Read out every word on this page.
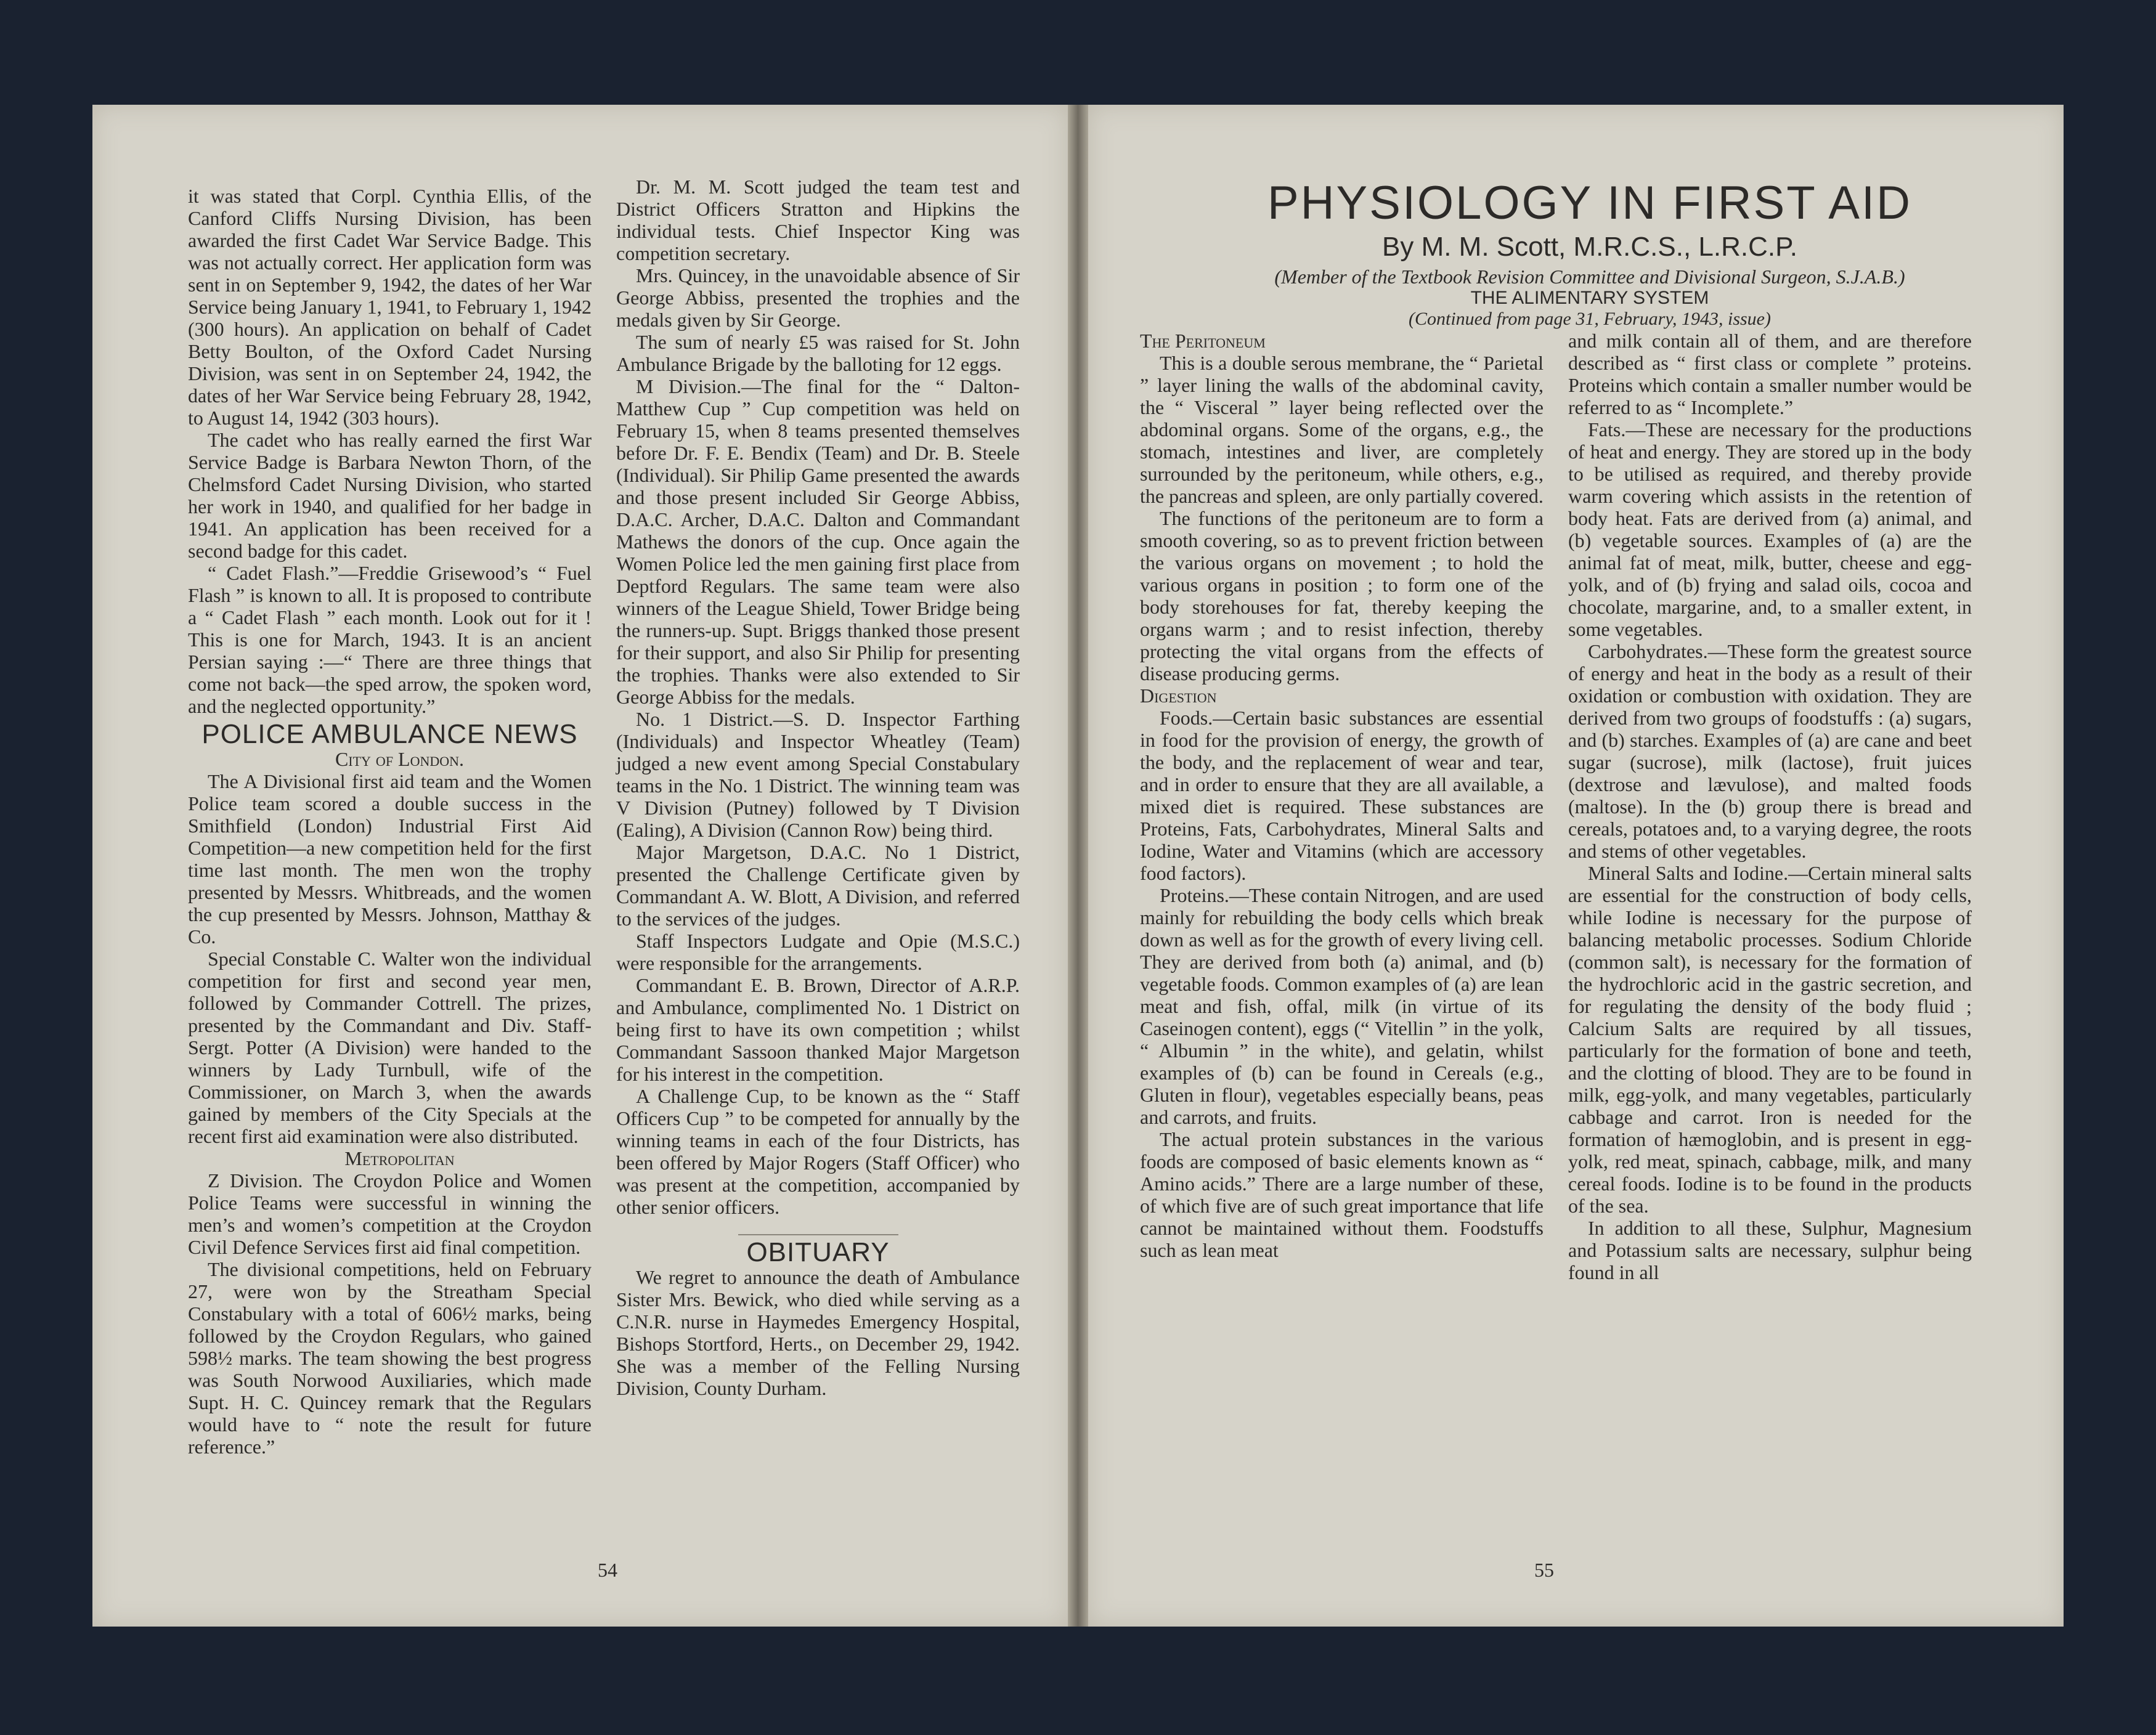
it was stated that Corpl. Cynthia Ellis, of the Canford Cliffs Nursing Division, has been awarded the first Cadet War Service Badge. This was not actually correct. Her application form was sent in on September 9, 1942, the dates of her War Service being January 1, 1941, to February 1, 1942 (300 hours). An application on behalf of Cadet Betty Boulton, of the Oxford Cadet Nursing Division, was sent in on September 24, 1942, the dates of her War Service being February 28, 1942, to August 14, 1942 (303 hours).

The cadet who has really earned the first War Service Badge is Barbara Newton Thorn, of the Chelmsford Cadet Nursing Division, who started her work in 1940, and qualified for her badge in 1941. An application has been received for a second badge for this cadet.

“ Cadet Flash.”—Freddie Grisewood’s “ Fuel Flash ” is known to all. It is proposed to contribute a “ Cadet Flash ” each month. Look out for it ! This is one for March, 1943. It is an ancient Persian saying :—“ There are three things that come not back—the sped arrow, the spoken word, and the neglected opportunity.”

POLICE AMBULANCE NEWS

City of London.

The A Divisional first aid team and the Women Police team scored a double success in the Smithfield (London) Industrial First Aid Competition—a new competition held for the first time last month. The men won the trophy presented by Messrs. Whitbreads, and the women the cup presented by Messrs. Johnson, Matthay & Co.

Special Constable C. Walter won the individual competition for first and second year men, followed by Commander Cottrell. The prizes, presented by the Commandant and Div. Staff-Sergt. Potter (A Division) were handed to the winners by Lady Turnbull, wife of the Commissioner, on March 3, when the awards gained by members of the City Specials at the recent first aid examination were also distributed.

Metropolitan

Z Division. The Croydon Police and Women Police Teams were successful in winning the men’s and women’s competition at the Croydon Civil Defence Services first aid final competition.

The divisional competitions, held on February 27, were won by the Streatham Special Constabulary with a total of 606½ marks, being followed by the Croydon Regulars, who gained 598½ marks. The team showing the best progress was South Norwood Auxiliaries, which made Supt. H. C. Quincey remark that the Regulars would have to “ note the result for future reference.”

Dr. M. M. Scott judged the team test and District Officers Stratton and Hipkins the individual tests. Chief Inspector King was competition secretary.

Mrs. Quincey, in the unavoidable absence of Sir George Abbiss, presented the trophies and the medals given by Sir George.

The sum of nearly £5 was raised for St. John Ambulance Brigade by the balloting for 12 eggs.

M Division.—The final for the “ Dalton-Matthew Cup ” Cup competition was held on February 15, when 8 teams presented themselves before Dr. F. E. Bendix (Team) and Dr. B. Steele (Individual). Sir Philip Game presented the awards and those present included Sir George Abbiss, D.A.C. Archer, D.A.C. Dalton and Commandant Mathews the donors of the cup. Once again the Women Police led the men gaining first place from Deptford Regulars. The same team were also winners of the League Shield, Tower Bridge being the runners-up. Supt. Briggs thanked those present for their support, and also Sir Philip for presenting the trophies. Thanks were also extended to Sir George Abbiss for the medals.

No. 1 District.—S. D. Inspector Farthing (Individuals) and Inspector Wheatley (Team) judged a new event among Special Constabulary teams in the No. 1 District. The winning team was V Division (Putney) followed by T Division (Ealing), A Division (Cannon Row) being third.

Major Margetson, D.A.C. No 1 District, presented the Challenge Certificate given by Commandant A. W. Blott, A Division, and referred to the services of the judges.

Staff Inspectors Ludgate and Opie (M.S.C.) were responsible for the arrangements.

Commandant E. B. Brown, Director of A.R.P. and Ambulance, complimented No. 1 District on being first to have its own competition ; whilst Commandant Sassoon thanked Major Margetson for his interest in the competition.

A Challenge Cup, to be known as the “ Staff Officers Cup ” to be competed for annually by the winning teams in each of the four Districts, has been offered by Major Rogers (Staff Officer) who was present at the competition, accompanied by other senior officers.

OBITUARY

We regret to announce the death of Ambulance Sister Mrs. Bewick, who died while serving as a C.N.R. nurse in Haymedes Emergency Hospital, Bishops Stortford, Herts., on December 29, 1942. She was a member of the Felling Nursing Division, County Durham.

54

PHYSIOLOGY IN FIRST AID

By M. M. Scott, M.R.C.S., L.R.C.P.

(Member of the Textbook Revision Committee and Divisional Surgeon, S.J.A.B.)

THE ALIMENTARY SYSTEM

(Continued from page 31, February, 1943, issue)

The Peritoneum

This is a double serous membrane, the “ Parietal ” layer lining the walls of the abdominal cavity, the “ Visceral ” layer being reflected over the abdominal organs. Some of the organs, e.g., the stomach, intestines and liver, are completely surrounded by the peritoneum, while others, e.g., the pancreas and spleen, are only partially covered.

The functions of the peritoneum are to form a smooth covering, so as to prevent friction between the various organs on movement ; to hold the various organs in position ; to form one of the body storehouses for fat, thereby keeping the organs warm ; and to resist infection, thereby protecting the vital organs from the effects of disease producing germs.

Digestion

Foods.—Certain basic substances are essential in food for the provision of energy, the growth of the body, and the replacement of wear and tear, and in order to ensure that they are all available, a mixed diet is required. These substances are Proteins, Fats, Carbohydrates, Mineral Salts and Iodine, Water and Vitamins (which are accessory food factors).

Proteins.—These contain Nitrogen, and are used mainly for rebuilding the body cells which break down as well as for the growth of every living cell. They are derived from both (a) animal, and (b) vegetable foods. Common examples of (a) are lean meat and fish, offal, milk (in virtue of its Caseinogen content), eggs (“ Vitellin ” in the yolk, “ Albumin ” in the white), and gelatin, whilst examples of (b) can be found in Cereals (e.g., Gluten in flour), vegetables especially beans, peas and carrots, and fruits.

The actual protein substances in the various foods are composed of basic elements known as “ Amino acids.” There are a large number of these, of which five are of such great importance that life cannot be maintained without them. Foodstuffs such as lean meat

and milk contain all of them, and are therefore described as “ first class or complete ” proteins. Proteins which contain a smaller number would be referred to as “ Incomplete.”

Fats.—These are necessary for the productions of heat and energy. They are stored up in the body to be utilised as required, and thereby provide warm covering which assists in the retention of body heat. Fats are derived from (a) animal, and (b) vegetable sources. Examples of (a) are the animal fat of meat, milk, butter, cheese and egg-yolk, and of (b) frying and salad oils, cocoa and chocolate, margarine, and, to a smaller extent, in some vegetables.

Carbohydrates.—These form the greatest source of energy and heat in the body as a result of their oxidation or combustion with oxidation. They are derived from two groups of foodstuffs : (a) sugars, and (b) starches. Examples of (a) are cane and beet sugar (sucrose), milk (lactose), fruit juices (dextrose and lævulose), and malted foods (maltose). In the (b) group there is bread and cereals, potatoes and, to a varying degree, the roots and stems of other vegetables.

Mineral Salts and Iodine.—Certain mineral salts are essential for the construction of body cells, while Iodine is necessary for the purpose of balancing metabolic processes. Sodium Chloride (common salt), is necessary for the formation of the hydrochloric acid in the gastric secretion, and for regulating the density of the body fluid ; Calcium Salts are required by all tissues, particularly for the formation of bone and teeth, and the clotting of blood. They are to be found in milk, egg-yolk, and many vegetables, particularly cabbage and carrot. Iron is needed for the formation of hæmoglobin, and is present in egg-yolk, red meat, spinach, cabbage, milk, and many cereal foods. Iodine is to be found in the products of the sea.

In addition to all these, Sulphur, Magnesium and Potassium salts are necessary, sulphur being found in all

55
